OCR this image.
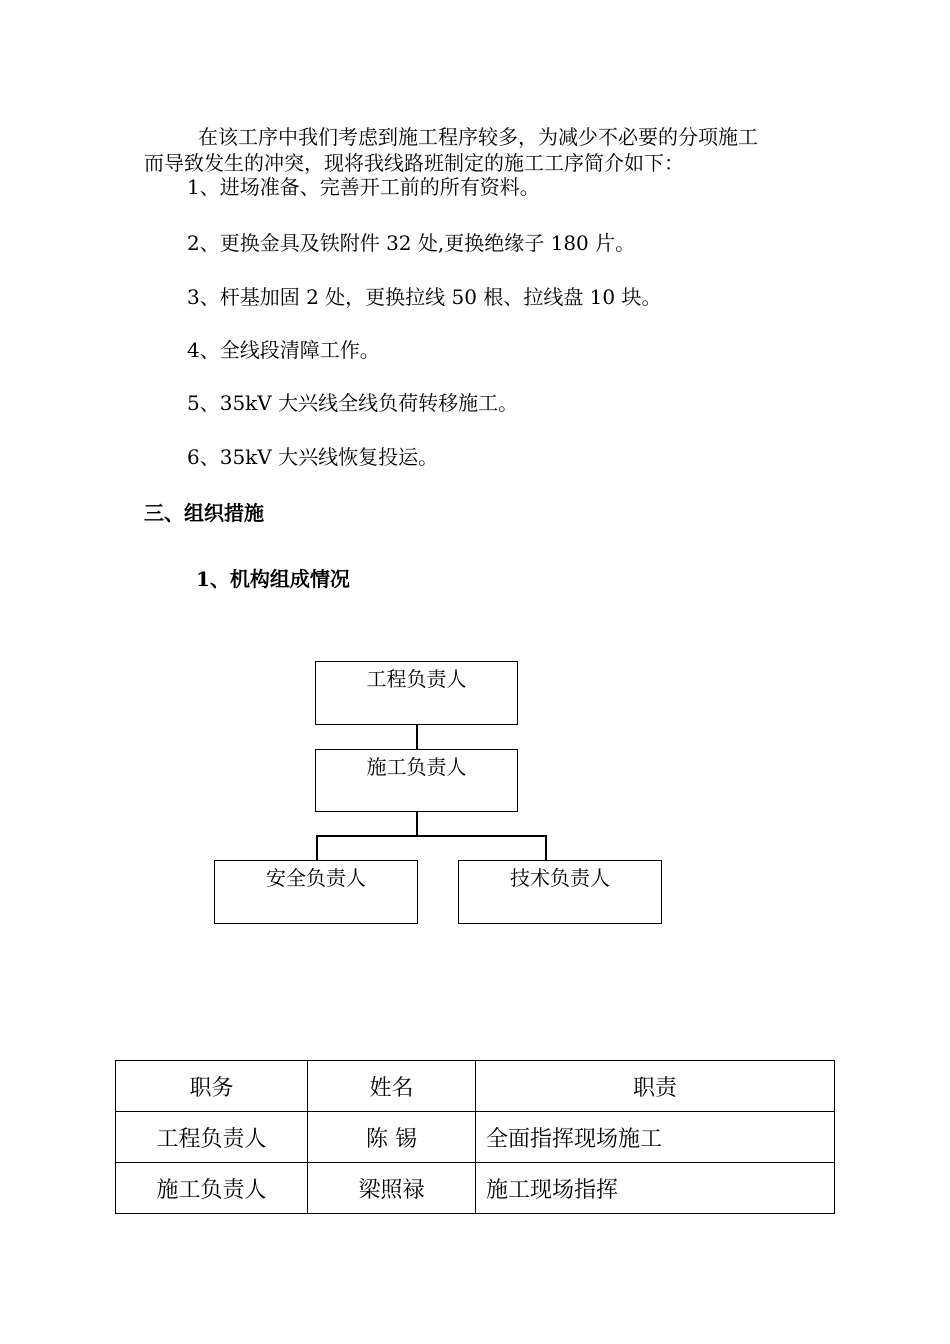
在该工序中我们考虑到施工程序较多，为减少不必要的分项施工
而导致发生的冲突，现将我线路班制定的施工工序简介如下：
1、进场准备、完善开工前的所有资料。
2、更换金具及铁附件 32 处,更换绝缘子 180 片。
3、杆基加固 2 处，更换拉线 50 根、拉线盘 10 块。
4、全线段清障工作。
5、35kV 大兴线全线负荷转移施工。
6、35kV 大兴线恢复投运。
三、组织措施
1、机构组成情况
工程负责人
施工负责人
安全负责人	技术负责人
职务	姓名	职责
工程负责人	陈 锡	全面指挥现场施工
施工负责人	梁照禄	施工现场指挥
